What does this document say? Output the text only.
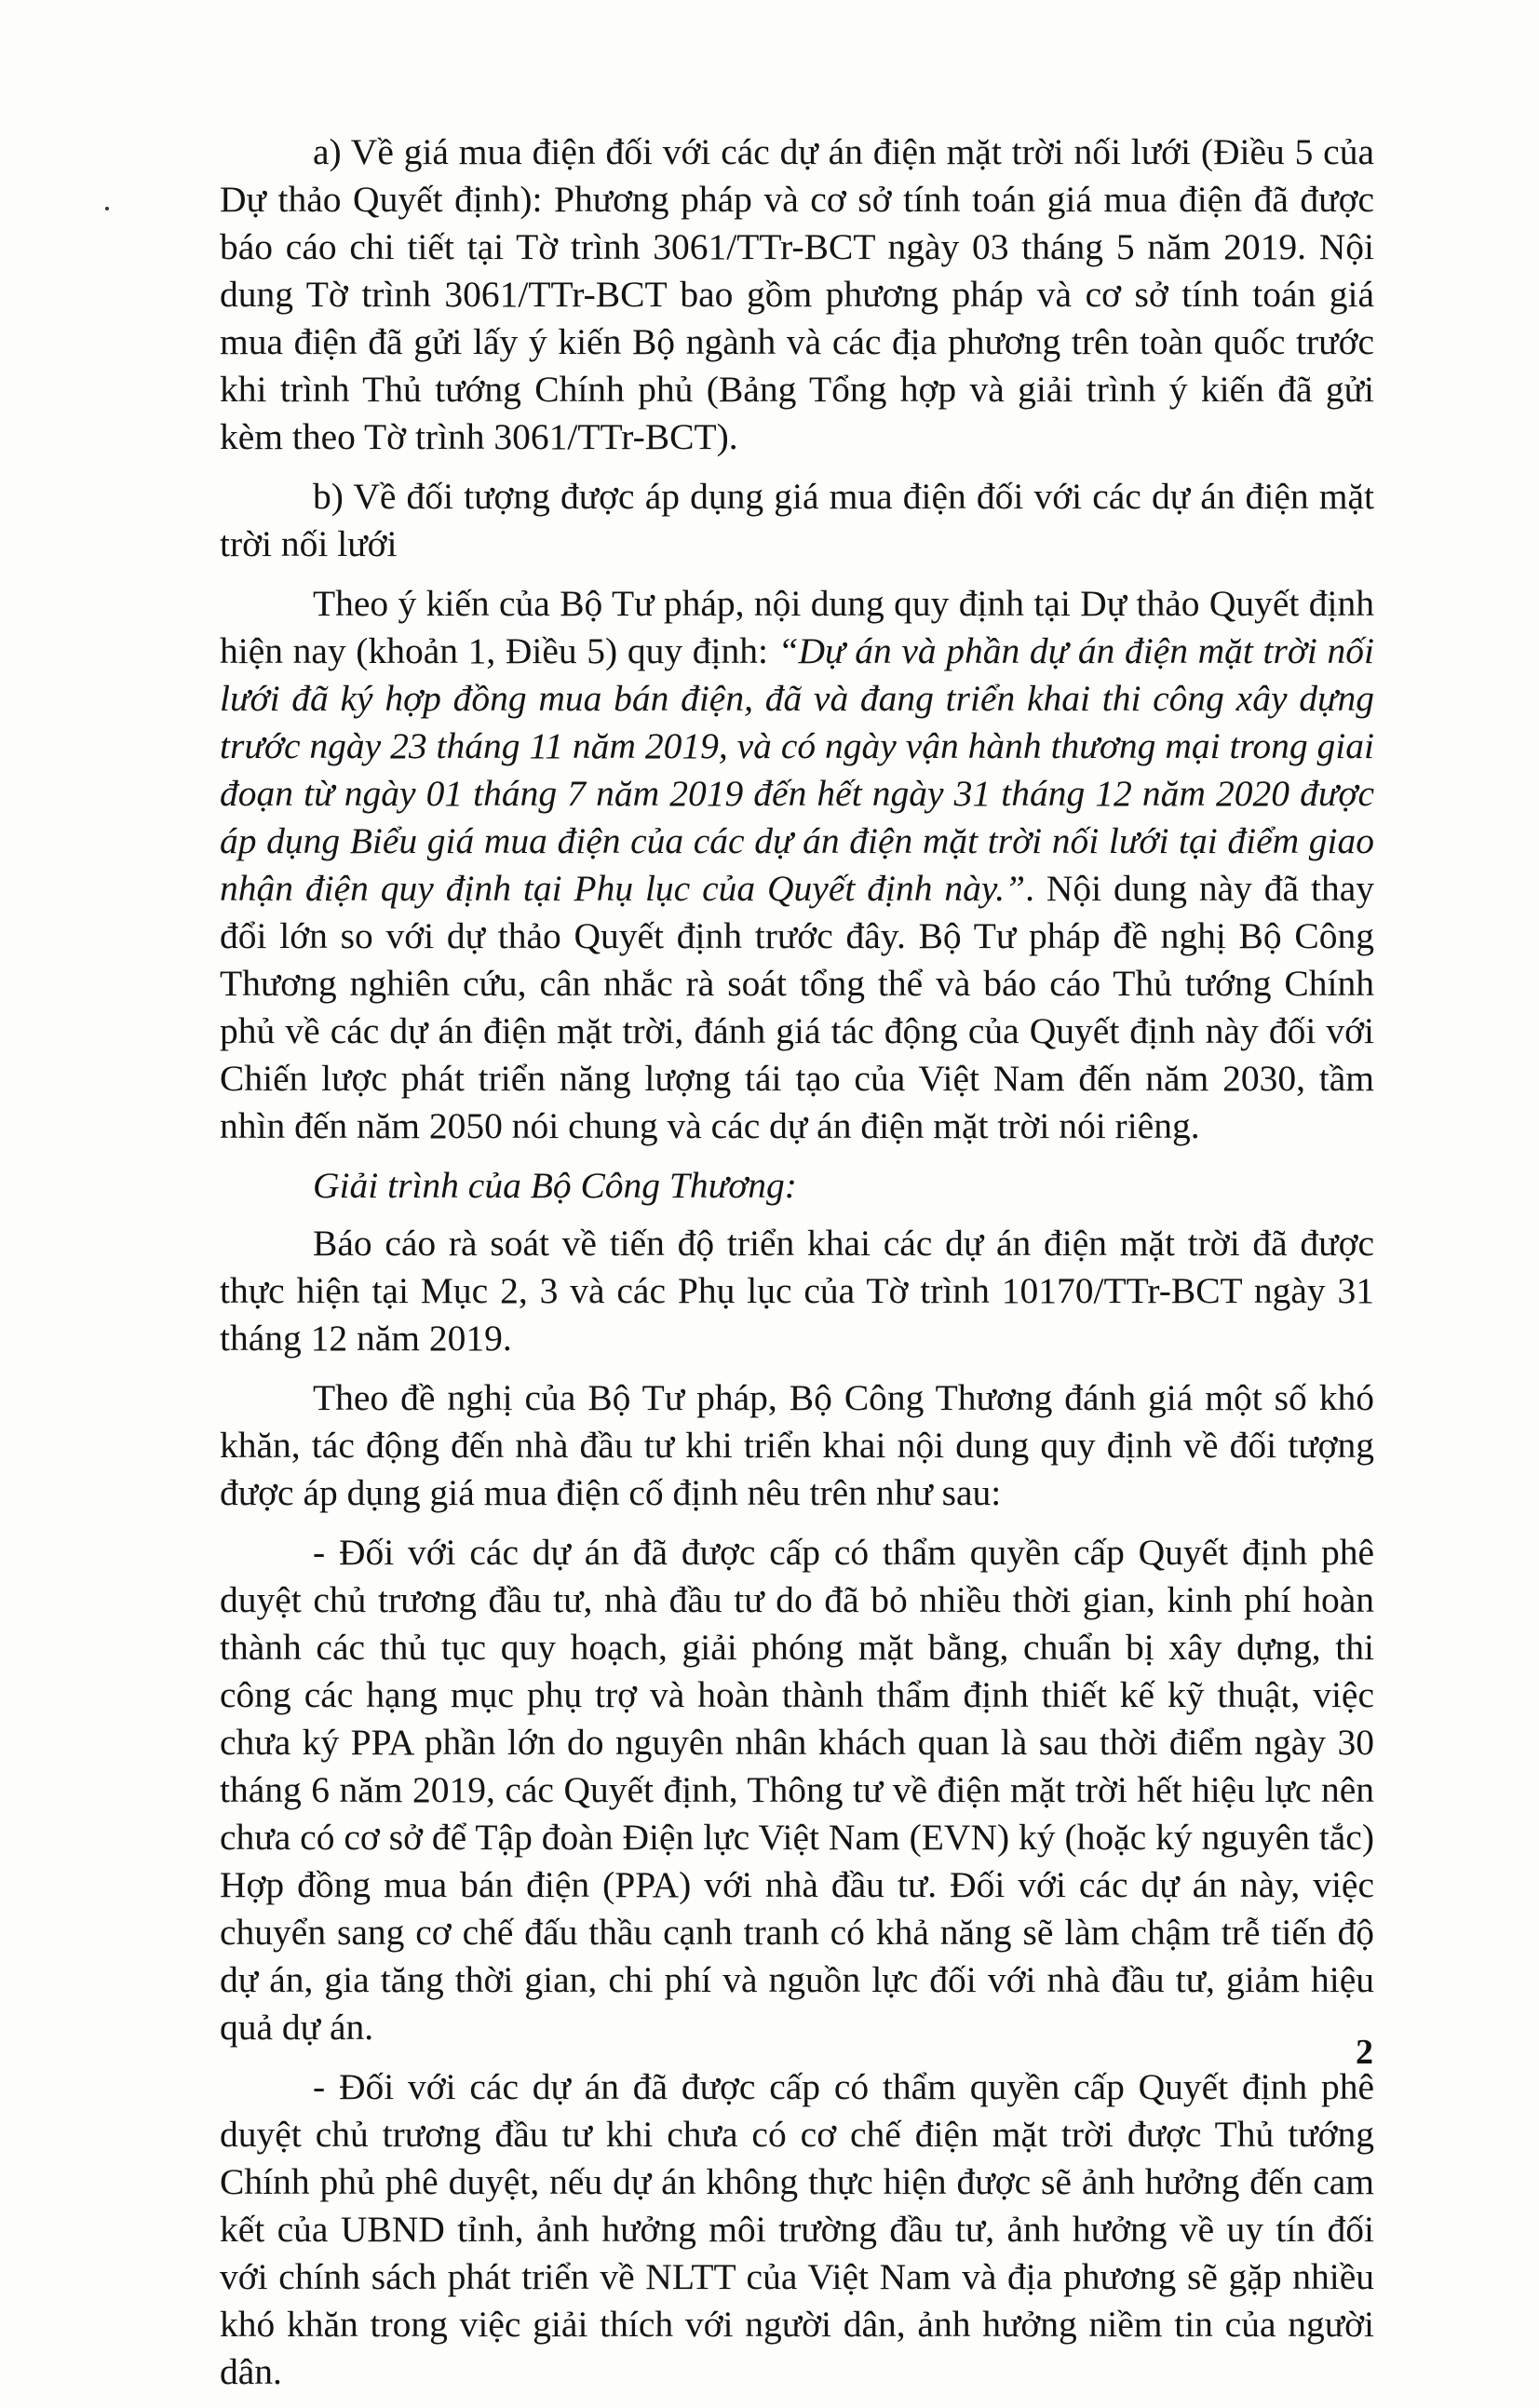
a) Về giá mua điện đối với các dự án điện mặt trời nối lưới (Điều 5 của Dự thảo Quyết định): Phương pháp và cơ sở tính toán giá mua điện đã được báo cáo chi tiết tại Tờ trình 3061/TTr-BCT ngày 03 tháng 5 năm 2019. Nội dung Tờ trình 3061/TTr-BCT bao gồm phương pháp và cơ sở tính toán giá mua điện đã gửi lấy ý kiến Bộ ngành và các địa phương trên toàn quốc trước khi trình Thủ tướng Chính phủ (Bảng Tổng hợp và giải trình ý kiến đã gửi kèm theo Tờ trình 3061/TTr-BCT).

b) Về đối tượng được áp dụng giá mua điện đối với các dự án điện mặt trời nối lưới

Theo ý kiến của Bộ Tư pháp, nội dung quy định tại Dự thảo Quyết định hiện nay (khoản 1, Điều 5) quy định: “Dự án và phần dự án điện mặt trời nối lưới đã ký hợp đồng mua bán điện, đã và đang triển khai thi công xây dựng trước ngày 23 tháng 11 năm 2019, và có ngày vận hành thương mại trong giai đoạn từ ngày 01 tháng 7 năm 2019 đến hết ngày 31 tháng 12 năm 2020 được áp dụng Biểu giá mua điện của các dự án điện mặt trời nối lưới tại điểm giao nhận điện quy định tại Phụ lục của Quyết định này.”. Nội dung này đã thay đổi lớn so với dự thảo Quyết định trước đây. Bộ Tư pháp đề nghị Bộ Công Thương nghiên cứu, cân nhắc rà soát tổng thể và báo cáo Thủ tướng Chính phủ về các dự án điện mặt trời, đánh giá tác động của Quyết định này đối với Chiến lược phát triển năng lượng tái tạo của Việt Nam đến năm 2030, tầm nhìn đến năm 2050 nói chung và các dự án điện mặt trời nói riêng.

Giải trình của Bộ Công Thương:

Báo cáo rà soát về tiến độ triển khai các dự án điện mặt trời đã được thực hiện tại Mục 2, 3 và các Phụ lục của Tờ trình 10170/TTr-BCT ngày 31 tháng 12 năm 2019.

Theo đề nghị của Bộ Tư pháp, Bộ Công Thương đánh giá một số khó khăn, tác động đến nhà đầu tư khi triển khai nội dung quy định về đối tượng được áp dụng giá mua điện cố định nêu trên như sau:

- Đối với các dự án đã được cấp có thẩm quyền cấp Quyết định phê duyệt chủ trương đầu tư, nhà đầu tư do đã bỏ nhiều thời gian, kinh phí hoàn thành các thủ tục quy hoạch, giải phóng mặt bằng, chuẩn bị xây dựng, thi công các hạng mục phụ trợ và hoàn thành thẩm định thiết kế kỹ thuật, việc chưa ký PPA phần lớn do nguyên nhân khách quan là sau thời điểm ngày 30 tháng 6 năm 2019, các Quyết định, Thông tư về điện mặt trời hết hiệu lực nên chưa có cơ sở để Tập đoàn Điện lực Việt Nam (EVN) ký (hoặc ký nguyên tắc) Hợp đồng mua bán điện (PPA) với nhà đầu tư. Đối với các dự án này, việc chuyển sang cơ chế đấu thầu cạnh tranh có khả năng sẽ làm chậm trễ tiến độ dự án, gia tăng thời gian, chi phí và nguồn lực đối với nhà đầu tư, giảm hiệu quả dự án.

- Đối với các dự án đã được cấp có thẩm quyền cấp Quyết định phê duyệt chủ trương đầu tư khi chưa có cơ chế điện mặt trời được Thủ tướng Chính phủ phê duyệt, nếu dự án không thực hiện được sẽ ảnh hưởng đến cam kết của UBND tỉnh, ảnh hưởng môi trường đầu tư, ảnh hưởng về uy tín đối với chính sách phát triển về NLTT của Việt Nam và địa phương sẽ gặp nhiều khó khăn trong việc giải thích với người dân, ảnh hưởng niềm tin của người dân.

2
